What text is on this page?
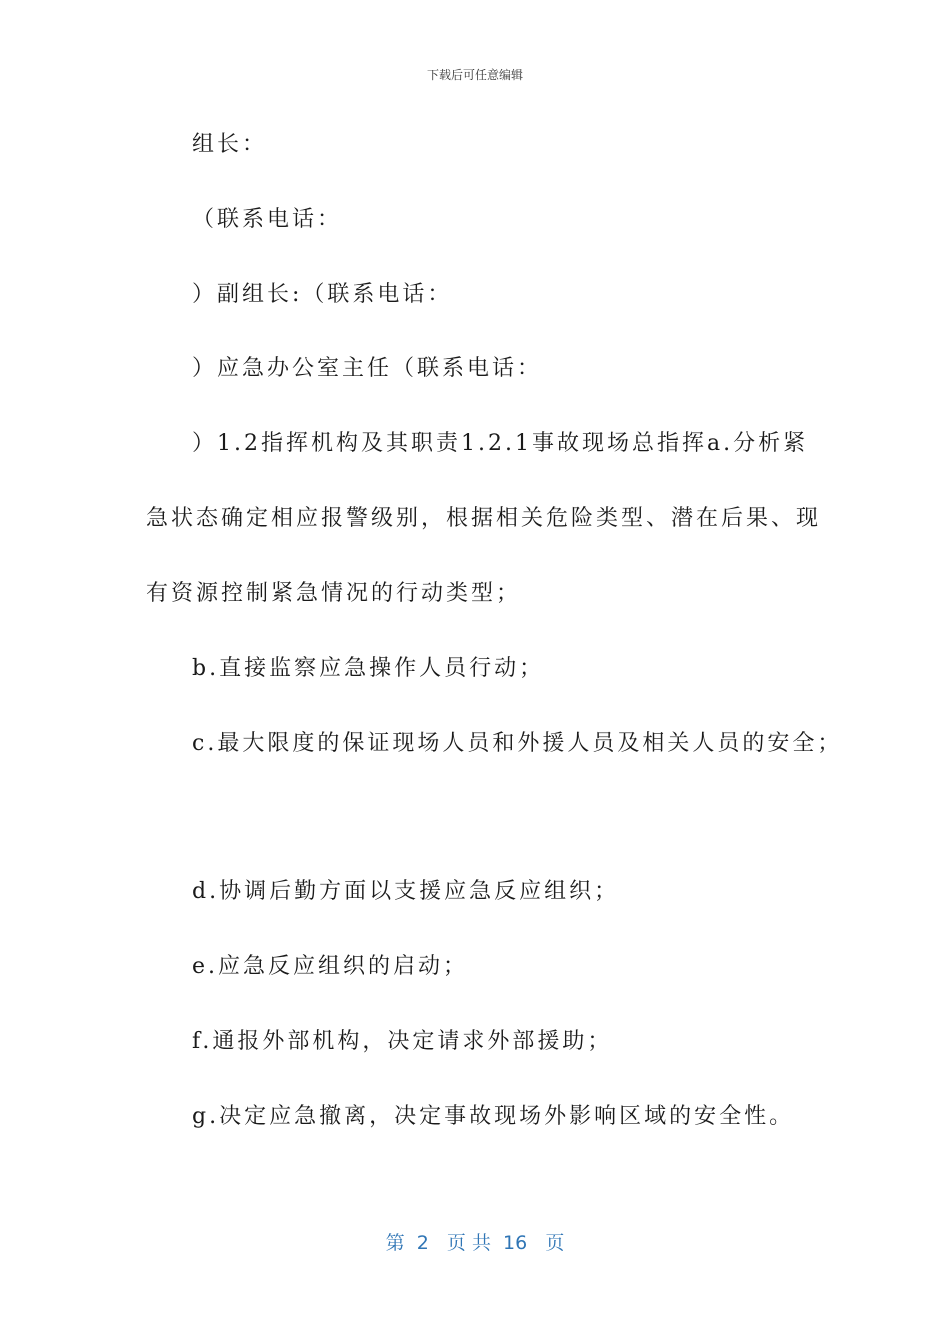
下载后可任意编辑
组长：
（联系电话：
）副组长:（联系电话：
）应急办公室主任（联系电话：
）1.2指挥机构及其职责1.2.1事故现场总指挥a.分析紧
急状态确定相应报警级别，根据相关危险类型、潜在后果、现
有资源控制紧急情况的行动类型；
b.直接监察应急操作人员行动；
c.最大限度的保证现场人员和外援人员及相关人员的安全；
d.协调后勤方面以支援应急反应组织；
e.应急反应组织的启动；
f.通报外部机构，决定请求外部援助；
g.决定应急撤离，决定事故现场外影响区域的安全性。
第  2   页 共  16   页
